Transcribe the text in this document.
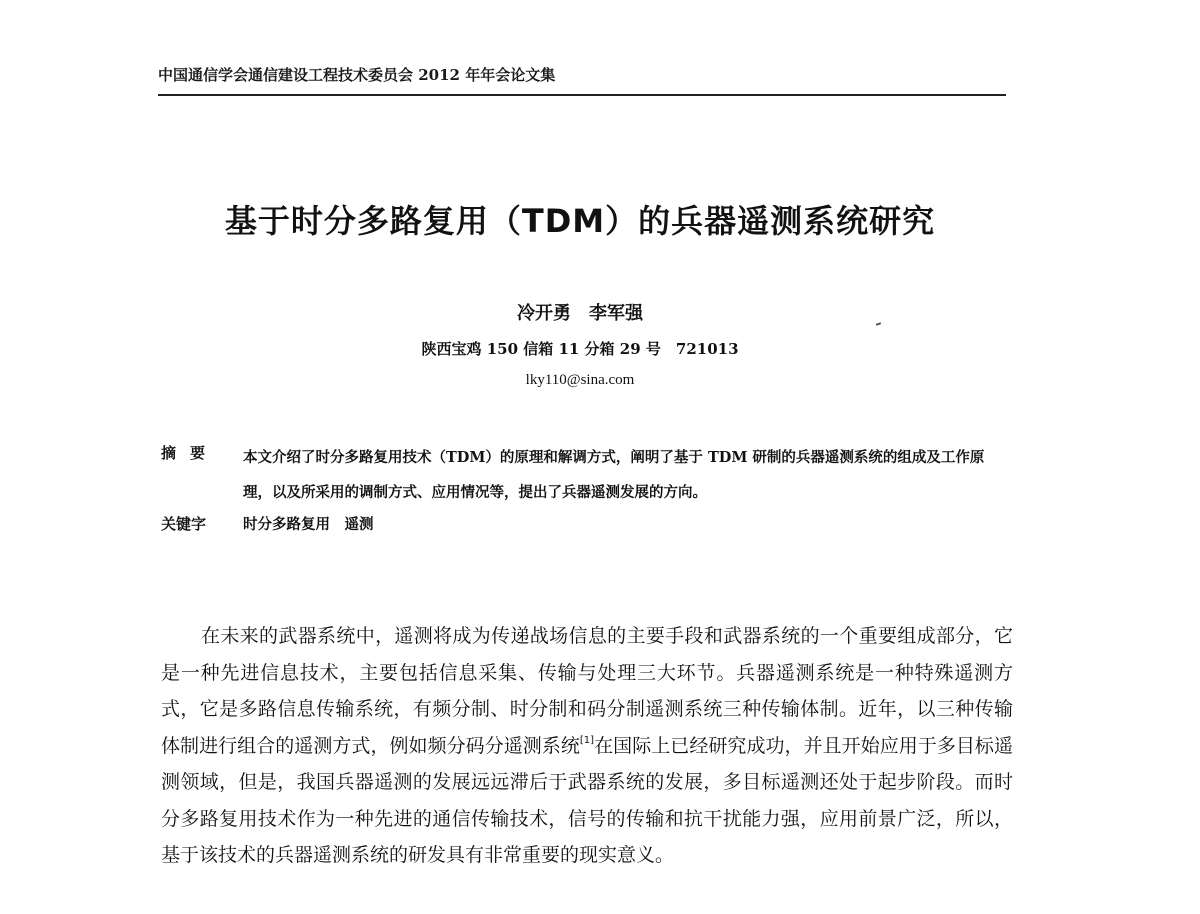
中国通信学会通信建设工程技术委员会 2012 年年会论文集
基于时分多路复用（TDM）的兵器遥测系统研究
冷开勇　李军强
陕西宝鸡 150 信箱 11 分箱 29 号　721013
lky110@sina.com
摘要 本文介绍了时分多路复用技术（TDM）的原理和解调方式，阐明了基于 TDM 研制的兵器遥测系统的组成及工作原理，以及所采用的调制方式、应用情况等，提出了兵器遥测发展的方向。
关键字	时分多路复用　遥测
在未来的武器系统中，遥测将成为传递战场信息的主要手段和武器系统的一个重要组成部分，它是一种先进信息技术，主要包括信息采集、传输与处理三大环节。兵器遥测系统是一种特殊遥测方式，它是多路信息传输系统，有频分制、时分制和码分制遥测系统三种传输体制。近年，以三种传输体制进行组合的遥测方式，例如频分码分遥测系统[1]在国际上已经研究成功，并且开始应用于多目标遥测领域，但是，我国兵器遥测的发展远远滞后于武器系统的发展，多目标遥测还处于起步阶段。而时分多路复用技术作为一种先进的通信传输技术，信号的传输和抗干扰能力强，应用前景广泛，所以，基于该技术的兵器遥测系统的研发具有非常重要的现实意义。
